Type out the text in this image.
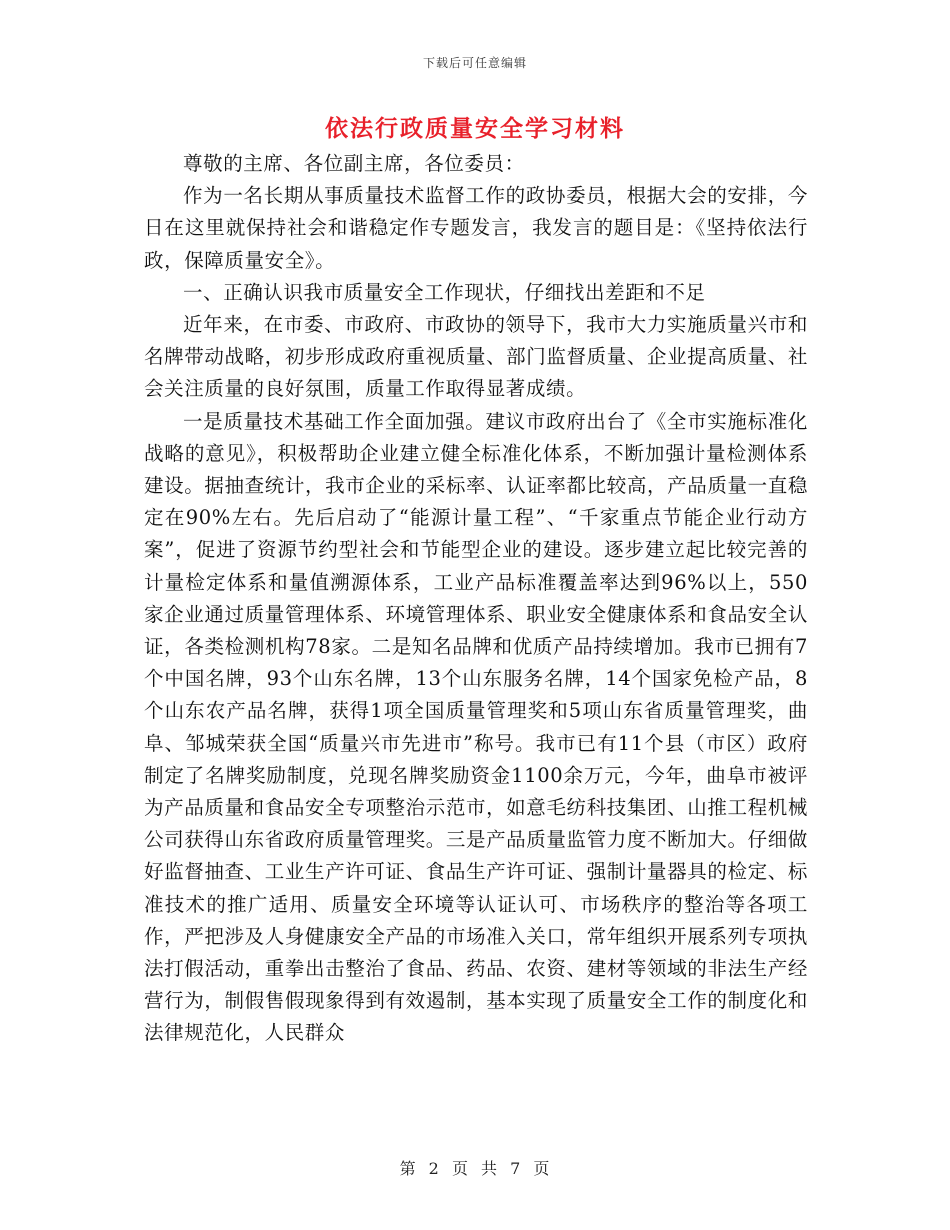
下载后可任意编辑
依法行政质量安全学习材料

尊敬的主席、各位副主席，各位委员：

作为一名长期从事质量技术监督工作的政协委员，根据大会的安排，今日在这里就保持社会和谐稳定作专题发言，我发言的题目是：《坚持依法行政，保障质量安全》。

一、正确认识我市质量安全工作现状，仔细找出差距和不足

近年来，在市委、市政府、市政协的领导下，我市大力实施质量兴市和名牌带动战略，初步形成政府重视质量、部门监督质量、企业提高质量、社会关注质量的良好氛围，质量工作取得显著成绩。

一是质量技术基础工作全面加强。建议市政府出台了《全市实施标准化战略的意见》，积极帮助企业建立健全标准化体系，不断加强计量检测体系建设。据抽查统计，我市企业的采标率、认证率都比较高，产品质量一直稳定在90%左右。先后启动了“能源计量工程”、“千家重点节能企业行动方案”，促进了资源节约型社会和节能型企业的建设。逐步建立起比较完善的计量检定体系和量值溯源体系，工业产品标准覆盖率达到96%以上，550家企业通过质量管理体系、环境管理体系、职业安全健康体系和食品安全认证，各类检测机构78家。二是知名品牌和优质产品持续增加。我市已拥有7个中国名牌，93个山东名牌，13个山东服务名牌，14个国家免检产品，8个山东农产品名牌，获得1项全国质量管理奖和5项山东省质量管理奖，曲阜、邹城荣获全国“质量兴市先进市”称号。我市已有11个县（市区）政府制定了名牌奖励制度，兑现名牌奖励资金1100余万元，今年，曲阜市被评为产品质量和食品安全专项整治示范市，如意毛纺科技集团、山推工程机械公司获得山东省政府质量管理奖。三是产品质量监管力度不断加大。仔细做好监督抽查、工业生产许可证、食品生产许可证、强制计量器具的检定、标准技术的推广适用、质量安全环境等认证认可、市场秩序的整治等各项工作，严把涉及人身健康安全产品的市场准入关口，常年组织开展系列专项执法打假活动，重拳出击整治了食品、药品、农资、建材等领域的非法生产经营行为，制假售假现象得到有效遏制，基本实现了质量安全工作的制度化和法律规范化，人民群众

第 2 页 共 7 页
